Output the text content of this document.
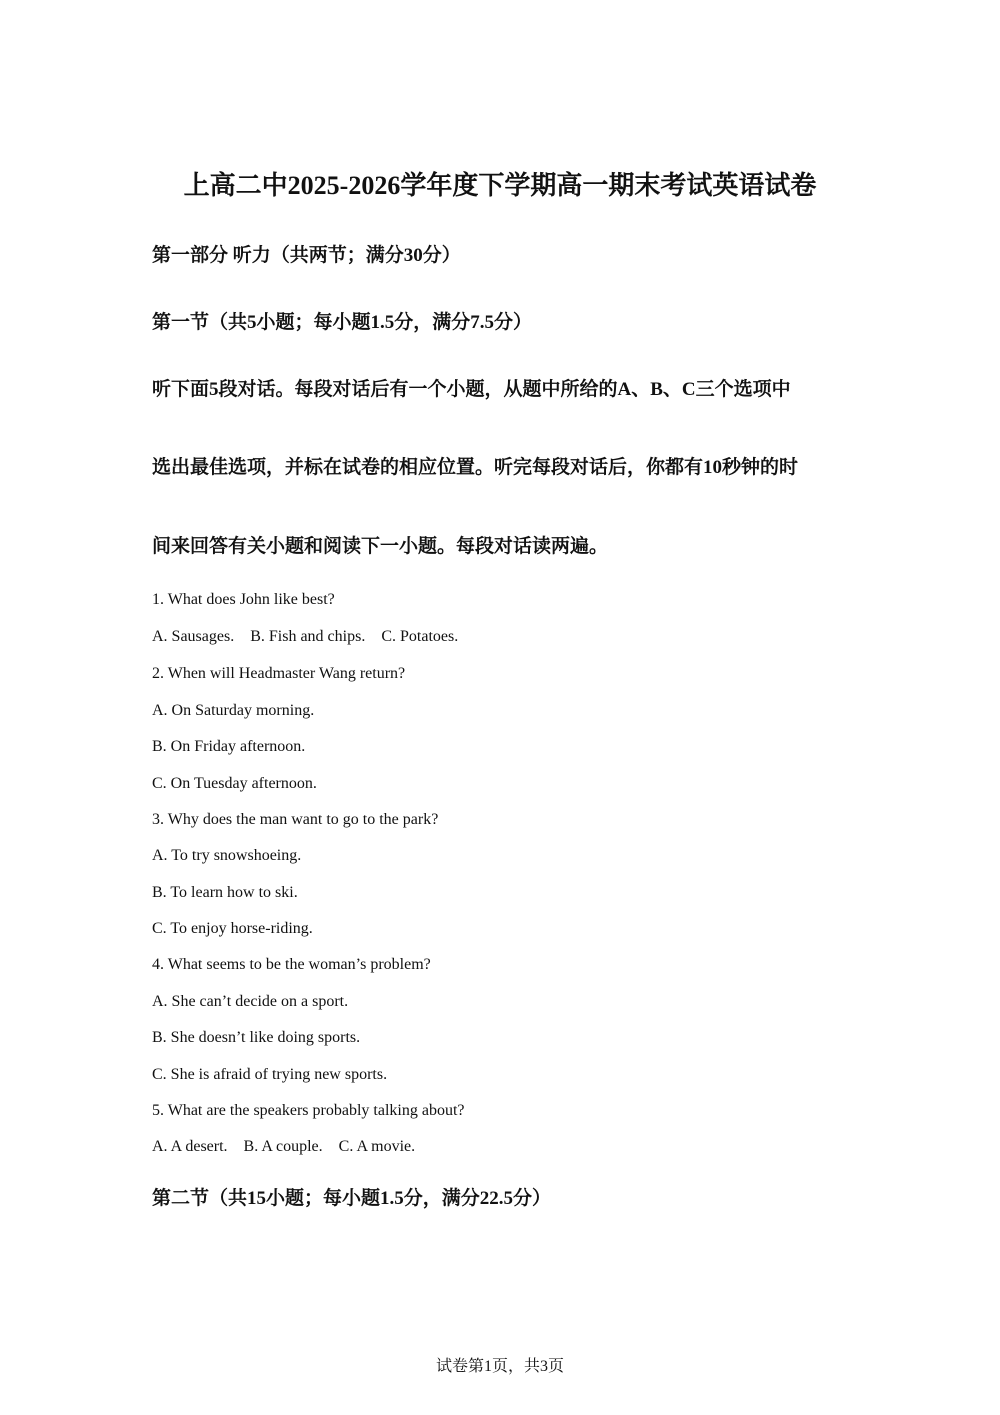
上高二中2025-2026学年度下学期高一期末考试英语试卷
第一部分 听力（共两节；满分30分）
第一节（共5小题；每小题1.5分，满分7.5分）
听下面5段对话。每段对话后有一个小题，从题中所给的A、B、C三个选项中
选出最佳选项，并标在试卷的相应位置。听完每段对话后，你都有10秒钟的时
间来回答有关小题和阅读下一小题。每段对话读两遍。
1. What does John like best?
A. Sausages.    B. Fish and chips.    C. Potatoes.
2. When will Headmaster Wang return?
A. On Saturday morning.
B. On Friday afternoon.
C. On Tuesday afternoon.
3. Why does the man want to go to the park?
A. To try snowshoeing.
B. To learn how to ski.
C. To enjoy horse-riding.
4. What seems to be the woman’s problem?
A. She can’t decide on a sport.
B. She doesn’t like doing sports.
C. She is afraid of trying new sports.
5. What are the speakers probably talking about?
A. A desert.    B. A couple.    C. A movie.
第二节（共15小题；每小题1.5分，满分22.5分）
试卷第1页，共3页
